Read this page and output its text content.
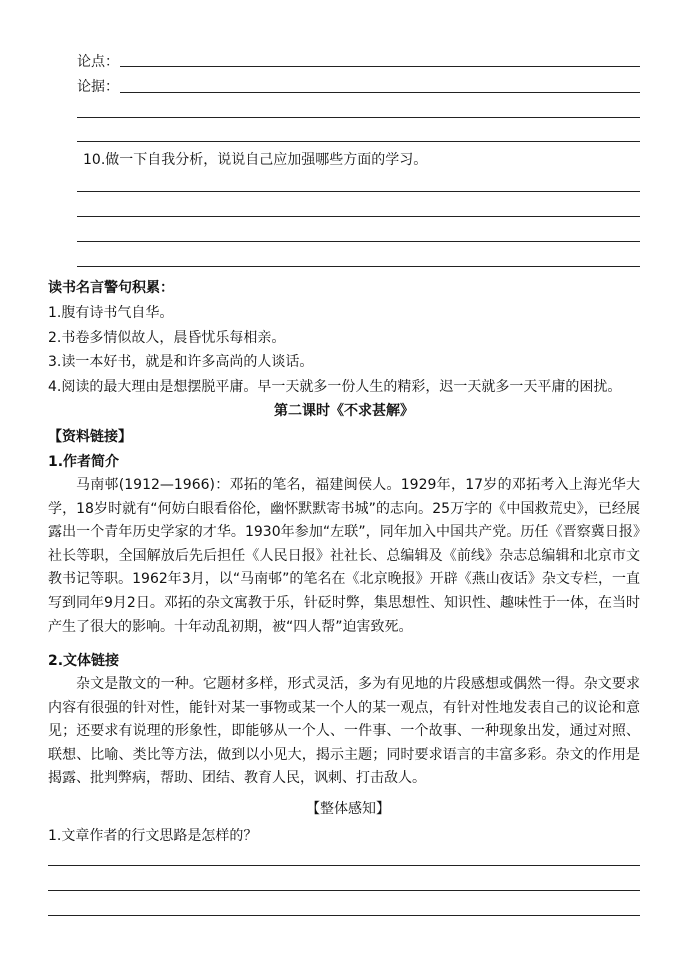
论点：
论据：
10.做一下自我分析，说说自己应加强哪些方面的学习。
读书名言警句积累：
1.腹有诗书气自华。
2.书卷多情似故人，晨昏忧乐每相亲。
3.读一本好书，就是和许多高尚的人谈话。
4.阅读的最大理由是想摆脱平庸。早一天就多一份人生的精彩，迟一天就多一天平庸的困扰。
第二课时《不求甚解》
【资料链接】
1.作者简介
马南邨(1912—1966)：邓拓的笔名，福建闽侯人。1929年，17岁的邓拓考入上海光华大学，18岁时就有“何妨白眼看俗伦，幽怀默默寄书城”的志向。25万字的《中国救荒史》，已经展露出一个青年历史学家的才华。1930年参加“左联”，同年加入中国共产党。历任《晋察冀日报》社长等职，全国解放后先后担任《人民日报》社社长、总编辑及《前线》杂志总编辑和北京市文教书记等职。1962年3月，以“马南邨”的笔名在《北京晚报》开辟《燕山夜话》杂文专栏，一直写到同年9月2日。邓拓的杂文寓教于乐，针砭时弊，集思想性、知识性、趣味性于一体，在当时产生了很大的影响。十年动乱初期，被“四人帮”迫害致死。
2.文体链接
杂文是散文的一种。它题材多样，形式灵活，多为有见地的片段感想或偶然一得。杂文要求内容有很强的针对性，能针对某一事物或某一个人的某一观点，有针对性地发表自己的议论和意见；还要求有说理的形象性，即能够从一个人、一件事、一个故事、一种现象出发，通过对照、联想、比喻、类比等方法，做到以小见大，揭示主题；同时要求语言的丰富多彩。杂文的作用是揭露、批判弊病，帮助、团结、教育人民，讽刺、打击敌人。
【整体感知】
1.文章作者的行文思路是怎样的？
